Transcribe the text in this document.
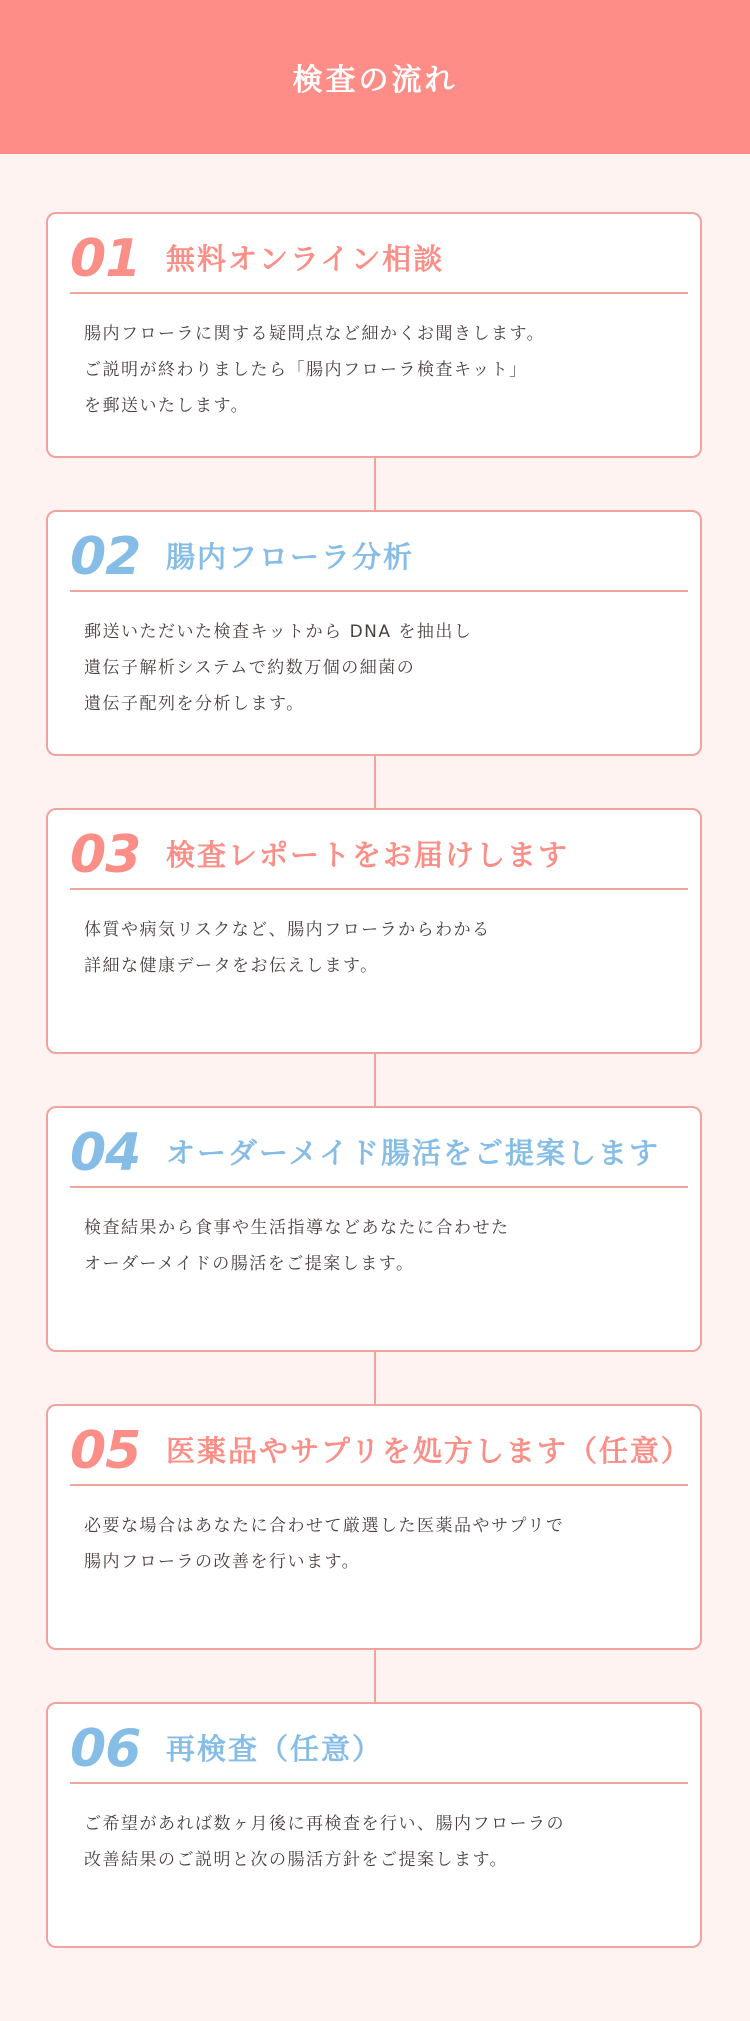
検査の流れ
01 無料オンライン相談

腸内フローラに関する疑問点など細かくお聞きします。

ご説明が終わりましたら「腸内フローラ検査キット」

を郵送いたします。

02 腸内フローラ分析

郵送いただいた検査キットから DNA を抽出し

遺伝子解析システムで約数万個の細菌の

遺伝子配列を分析します。

03 検査レポートをお届けします

体質や病気リスクなど、腸内フローラからわかる

詳細な健康データをお伝えします。

04 オーダーメイド腸活をご提案します

検査結果から食事や生活指導などあなたに合わせた

オーダーメイドの腸活をご提案します。

05 医薬品やサプリを処方します（任意）

必要な場合はあなたに合わせて厳選した医薬品やサプリで

腸内フローラの改善を行います。

06 再検査（任意）

ご希望があれば数ヶ月後に再検査を行い、腸内フローラの

改善結果のご説明と次の腸活方針をご提案します。
